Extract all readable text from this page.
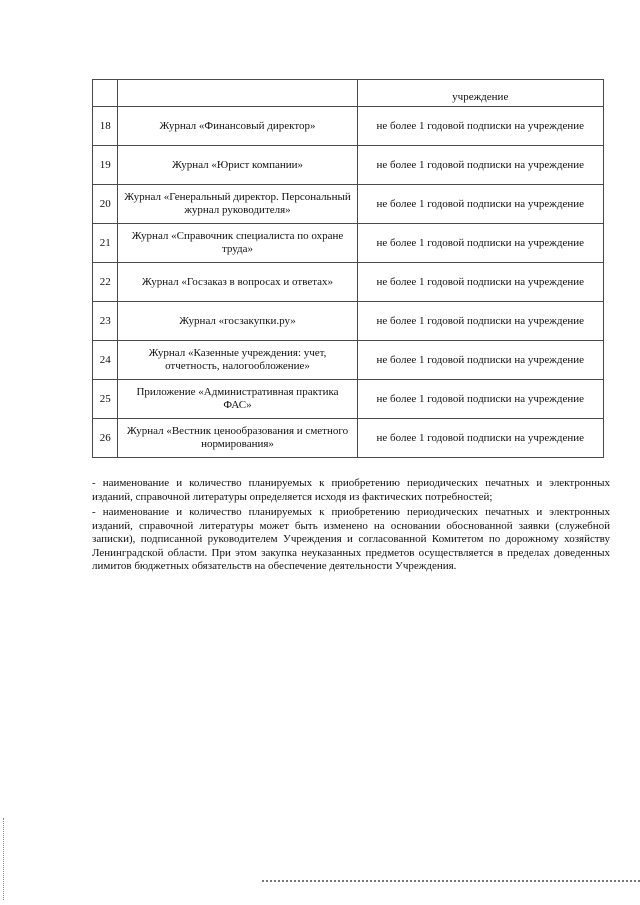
		учреждение
18	Журнал «Финансовый директор»	не более 1 годовой подписки на учреждение
19	Журнал «Юрист компании»	не более 1 годовой подписки на учреждение
20	Журнал «Генеральный директор. Персональный журнал руководителя»	не более 1 годовой подписки на учреждение
21	Журнал «Справочник специалиста по охране труда»	не более 1 годовой подписки на учреждение
22	Журнал «Госзаказ в вопросах и ответах»	не более 1 годовой подписки на учреждение
23	Журнал «госзакупки.ру»	не более 1 годовой подписки на учреждение
24	Журнал «Казенные учреждения: учет, отчетность, налогообложение»	не более 1 годовой подписки на учреждение
25	Приложение «Административная практика ФАС»	не более 1 годовой подписки на учреждение
26	Журнал «Вестник ценообразования и сметного нормирования»	не более 1 годовой подписки на учреждение

- наименование и количество планируемых к приобретению периодических печатных и электронных изданий, справочной литературы определяется исходя из фактических потребностей;

- наименование и количество планируемых к приобретению периодических печатных и электронных изданий, справочной литературы может быть изменено на основании обоснованной заявки (служебной записки), подписанной руководителем Учреждения и согласованной Комитетом по дорожному хозяйству Ленинградской области. При этом закупка неуказанных предметов осуществляется в пределах доведенных лимитов бюджетных обязательств на обеспечение деятельности Учреждения.
